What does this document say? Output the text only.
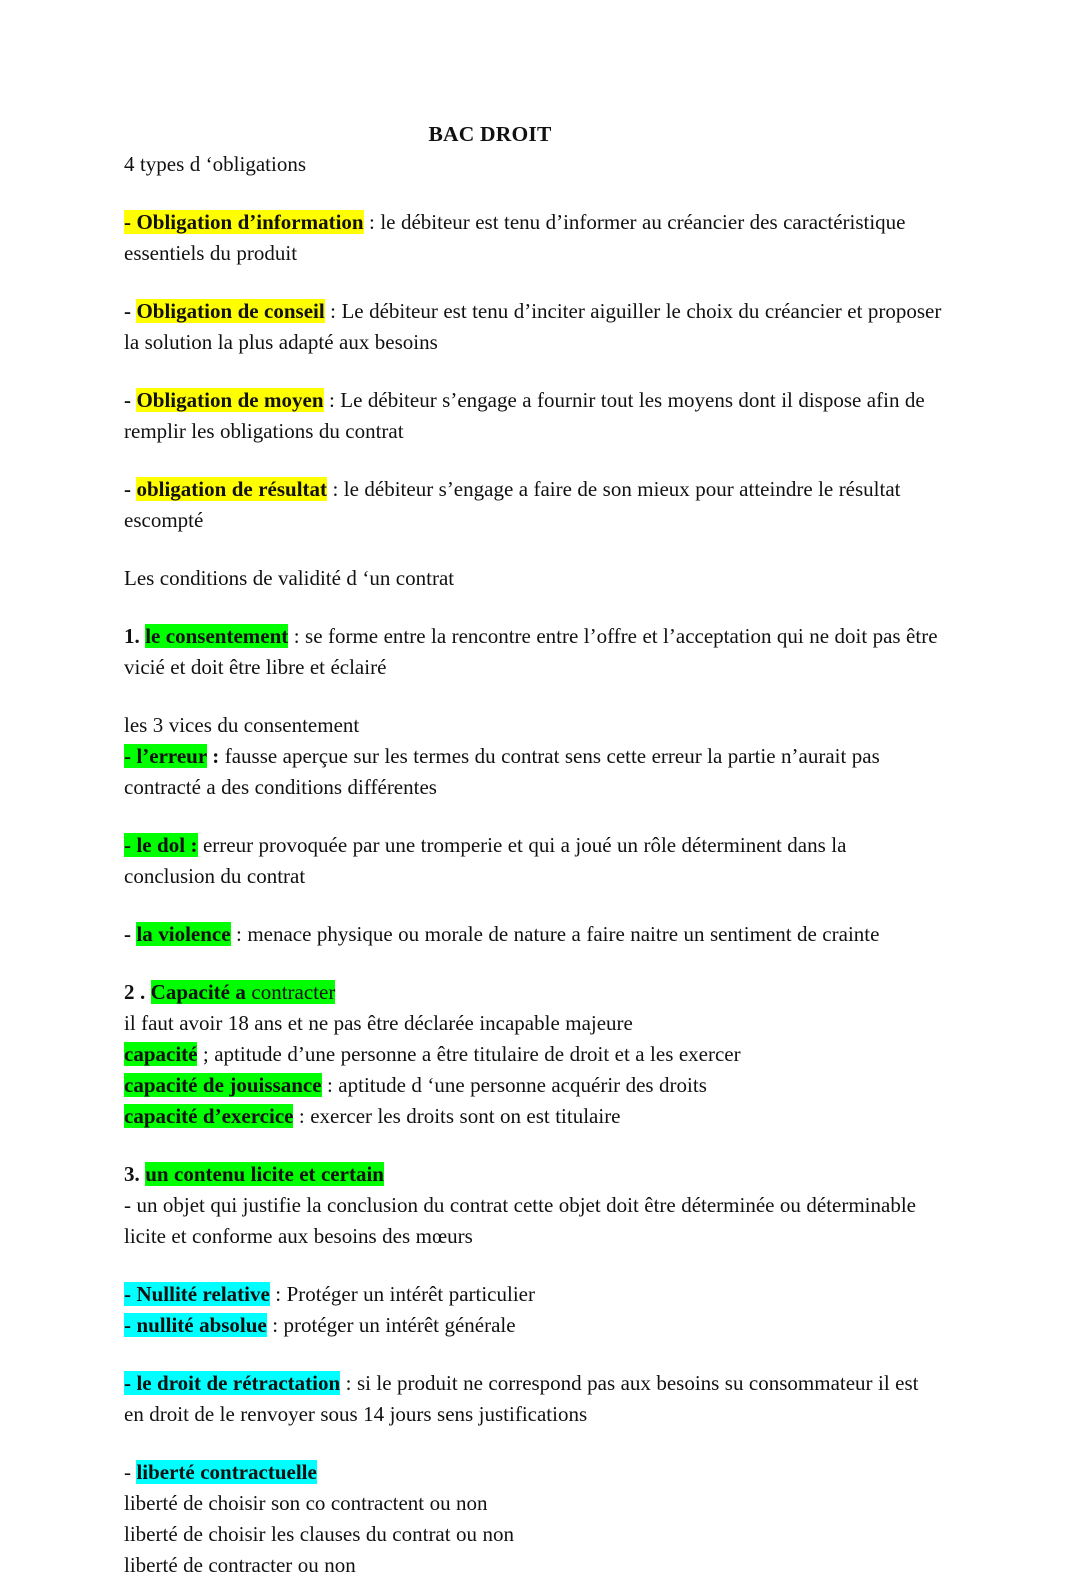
BAC DROIT

4 types d ‘obligations

- Obligation d’information : le débiteur est tenu d’informer au créancier des caractéristique essentiels du produit

- Obligation de conseil : Le débiteur est tenu d’inciter aiguiller le choix du créancier et proposer la solution la plus adapté aux besoins

- Obligation de moyen : Le débiteur s’engage a fournir tout les moyens dont il dispose afin de remplir les obligations du contrat

- obligation de résultat : le débiteur s’engage a faire de son mieux pour atteindre le résultat escompté

Les conditions de validité d ‘un contrat

1. le consentement : se forme entre la rencontre entre l’offre et l’acceptation qui ne doit pas être vicié et doit être libre et éclairé

les 3 vices du consentement

- l’erreur : fausse aperçue sur les termes du contrat sens cette erreur la partie n’aurait pas contracté a des conditions différentes

- le dol : erreur provoquée par une tromperie et qui a joué un rôle déterminent dans la conclusion du contrat

- la violence : menace physique ou morale de nature a faire naitre un sentiment de crainte

2 . Capacité a contracter

il faut avoir 18 ans et ne pas être déclarée incapable majeure

capacité ; aptitude d’une personne a être titulaire de droit et a les exercer

capacité de jouissance : aptitude d ‘une personne acquérir des droits

capacité d’exercice : exercer les droits sont on est titulaire

3. un contenu licite et certain

- un objet qui justifie la conclusion du contrat cette objet doit être déterminée ou déterminable licite et conforme aux besoins des mœurs

- Nullité relative : Protéger un intérêt particulier

- nullité absolue : protéger un intérêt générale

- le droit de rétractation : si le produit ne correspond pas aux besoins su consommateur il est en droit de le renvoyer sous 14 jours sens justifications

- liberté contractuelle

liberté de choisir son co contractent ou non

liberté de choisir les clauses du contrat ou non

liberté de contracter ou non
